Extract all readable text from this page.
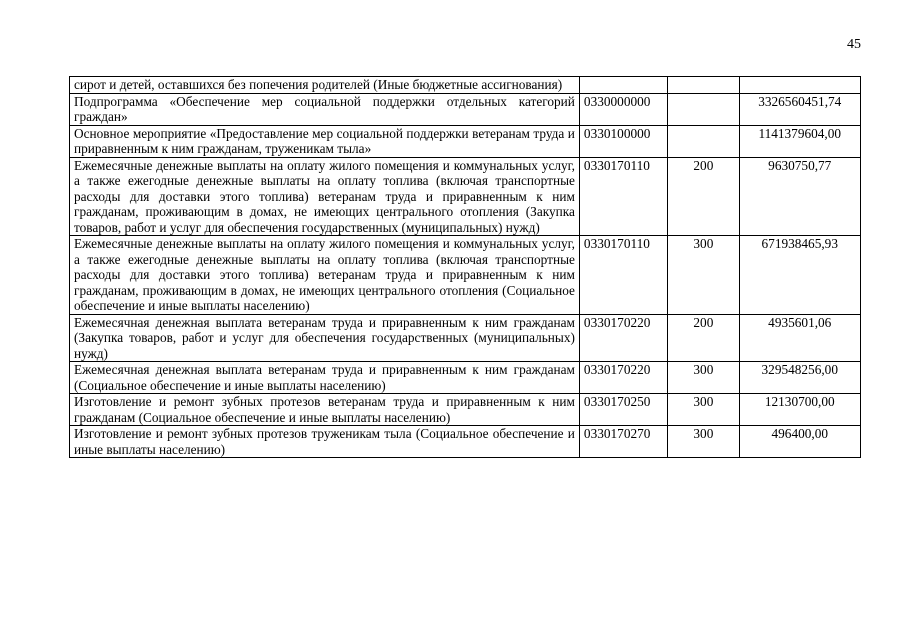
45
сирот и детей, оставшихся без попечения родителей (Иные бюджетные ассигнования)			
Подпрограмма «Обеспечение мер социальной поддержки отдельных категорий граждан»	0330000000		3326560451,74
Основное мероприятие «Предоставление мер социальной поддержки ветеранам труда и приравненным к ним гражданам, труженикам тыла»	0330100000		1141379604,00
Ежемесячные денежные выплаты на оплату жилого помещения и коммунальных услуг, а также ежегодные денежные выплаты на оплату топлива (включая транспортные расходы для доставки этого топлива) ветеранам труда и приравненным к ним гражданам, проживающим в домах, не имеющих центрального отопления (Закупка товаров, работ и услуг для обеспечения государственных (муниципальных) нужд)	0330170110	200	9630750,77
Ежемесячные денежные выплаты на оплату жилого помещения и коммунальных услуг, а также ежегодные денежные выплаты на оплату топлива (включая транспортные расходы для доставки этого топлива) ветеранам труда и приравненным к ним гражданам, проживающим в домах, не имеющих центрального отопления (Социальное обеспечение и иные выплаты населению)	0330170110	300	671938465,93
Ежемесячная денежная выплата ветеранам труда и приравненным к ним гражданам (Закупка товаров, работ и услуг для обеспечения государственных (муниципальных) нужд)	0330170220	200	4935601,06
Ежемесячная денежная выплата ветеранам труда и приравненным к ним гражданам (Социальное обеспечение и иные выплаты населению)	0330170220	300	329548256,00
Изготовление и ремонт зубных протезов ветеранам труда и приравненным к ним гражданам (Социальное обеспечение и иные выплаты населению)	0330170250	300	12130700,00
Изготовление и ремонт зубных протезов труженикам тыла (Социальное обеспечение и иные выплаты населению)	0330170270	300	496400,00
